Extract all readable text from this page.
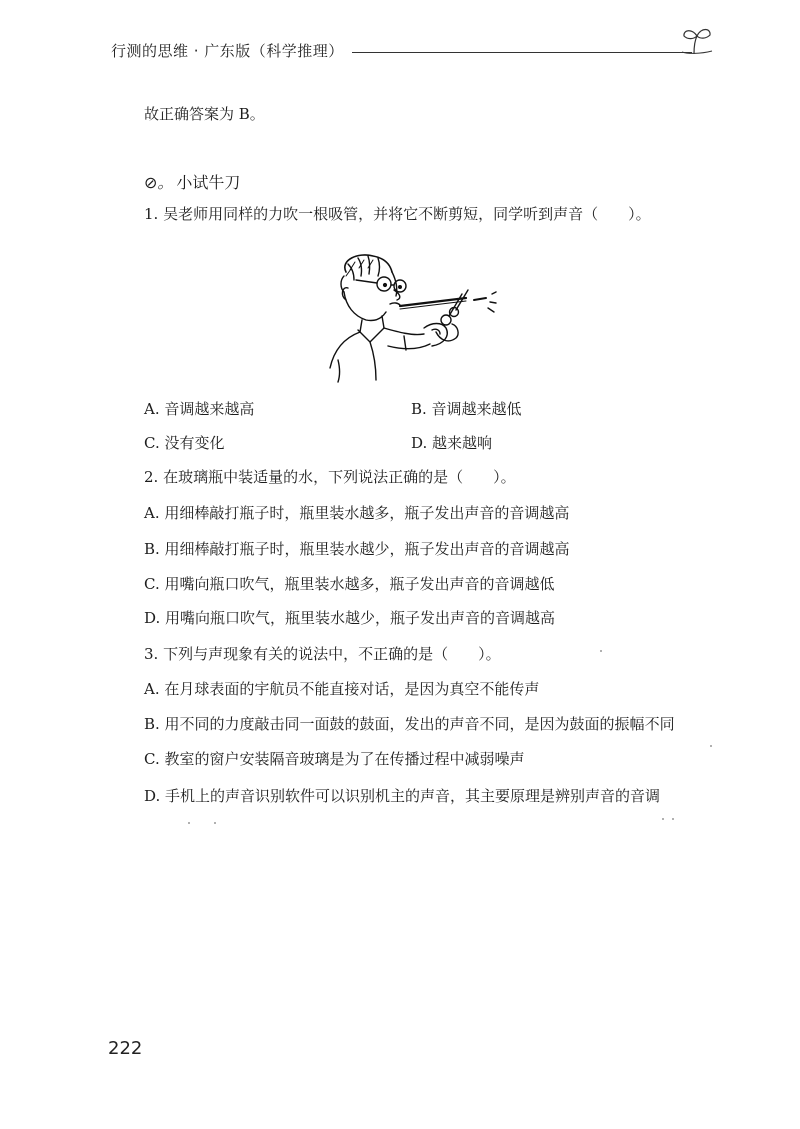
行测的思维 · 广东版（科学推理）
故正确答案为 B。
⊘。 小试牛刀
1. 吴老师用同样的力吹一根吸管，并将它不断剪短，同学听到声音（　　）。
A. 音调越来越高	B. 音调越来越低
C. 没有变化	D. 越来越响
2. 在玻璃瓶中装适量的水，下列说法正确的是（　　）。
A. 用细棒敲打瓶子时，瓶里装水越多，瓶子发出声音的音调越高
B. 用细棒敲打瓶子时，瓶里装水越少，瓶子发出声音的音调越高
C. 用嘴向瓶口吹气，瓶里装水越多，瓶子发出声音的音调越低
D. 用嘴向瓶口吹气，瓶里装水越少，瓶子发出声音的音调越高
3. 下列与声现象有关的说法中，不正确的是（　　）。
A. 在月球表面的宇航员不能直接对话，是因为真空不能传声
B. 用不同的力度敲击同一面鼓的鼓面，发出的声音不同，是因为鼓面的振幅不同
C. 教室的窗户安装隔音玻璃是为了在传播过程中减弱噪声
D. 手机上的声音识别软件可以识别机主的声音，其主要原理是辨别声音的音调
222
